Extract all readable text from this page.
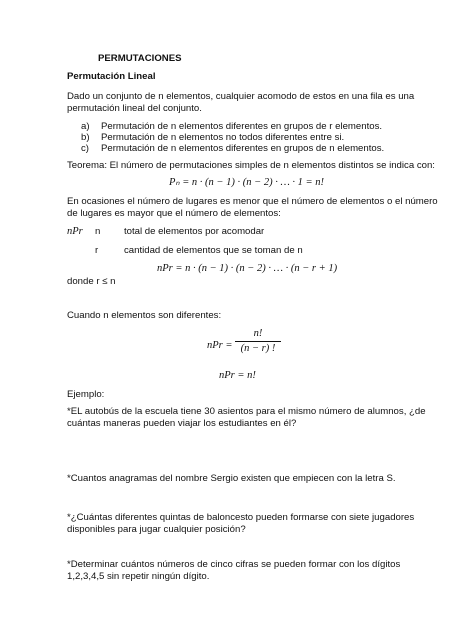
PERMUTACIONES
Permutación Lineal
Dado un conjunto de n elementos, cualquier acomodo de estos en una fila es una
permutación lineal del conjunto.
a) Permutación de n elementos diferentes en grupos de r elementos.
b) Permutación de n elementos no todos diferentes entre si.
c) Permutación de n elementos diferentes en grupos de n elementos.
Teorema: El número de permutaciones simples de n elementos distintos se indica con:
Pₙ = n · (n − 1) · (n − 2) · … · 1 = n!
En ocasiones el número de lugares es menor que el número de elementos o el número
de lugares es mayor que el número de elementos:
nPr n total de elementos por acomodar
r	cantidad de elementos que se toman de n
nPr = n · (n − 1) · (n − 2) · … · (n − r + 1)
donde r ≤ n
Cuando n elementos son diferentes:
nPr =
n!
(n − r) !
nPr = n!
Ejemplo:
*EL autobús de la escuela tiene 30 asientos para el mismo número de alumnos, ¿de
cuántas maneras pueden viajar los estudiantes en él?
*Cuantos anagramas del nombre Sergio existen que empiecen con la letra S.
*¿Cuántas diferentes quintas de baloncesto pueden formarse con siete jugadores
disponibles para jugar cualquier posición?
*Determinar cuántos números de cinco cifras se pueden formar con los dígitos
1,2,3,4,5 sin repetir ningún dígito.
